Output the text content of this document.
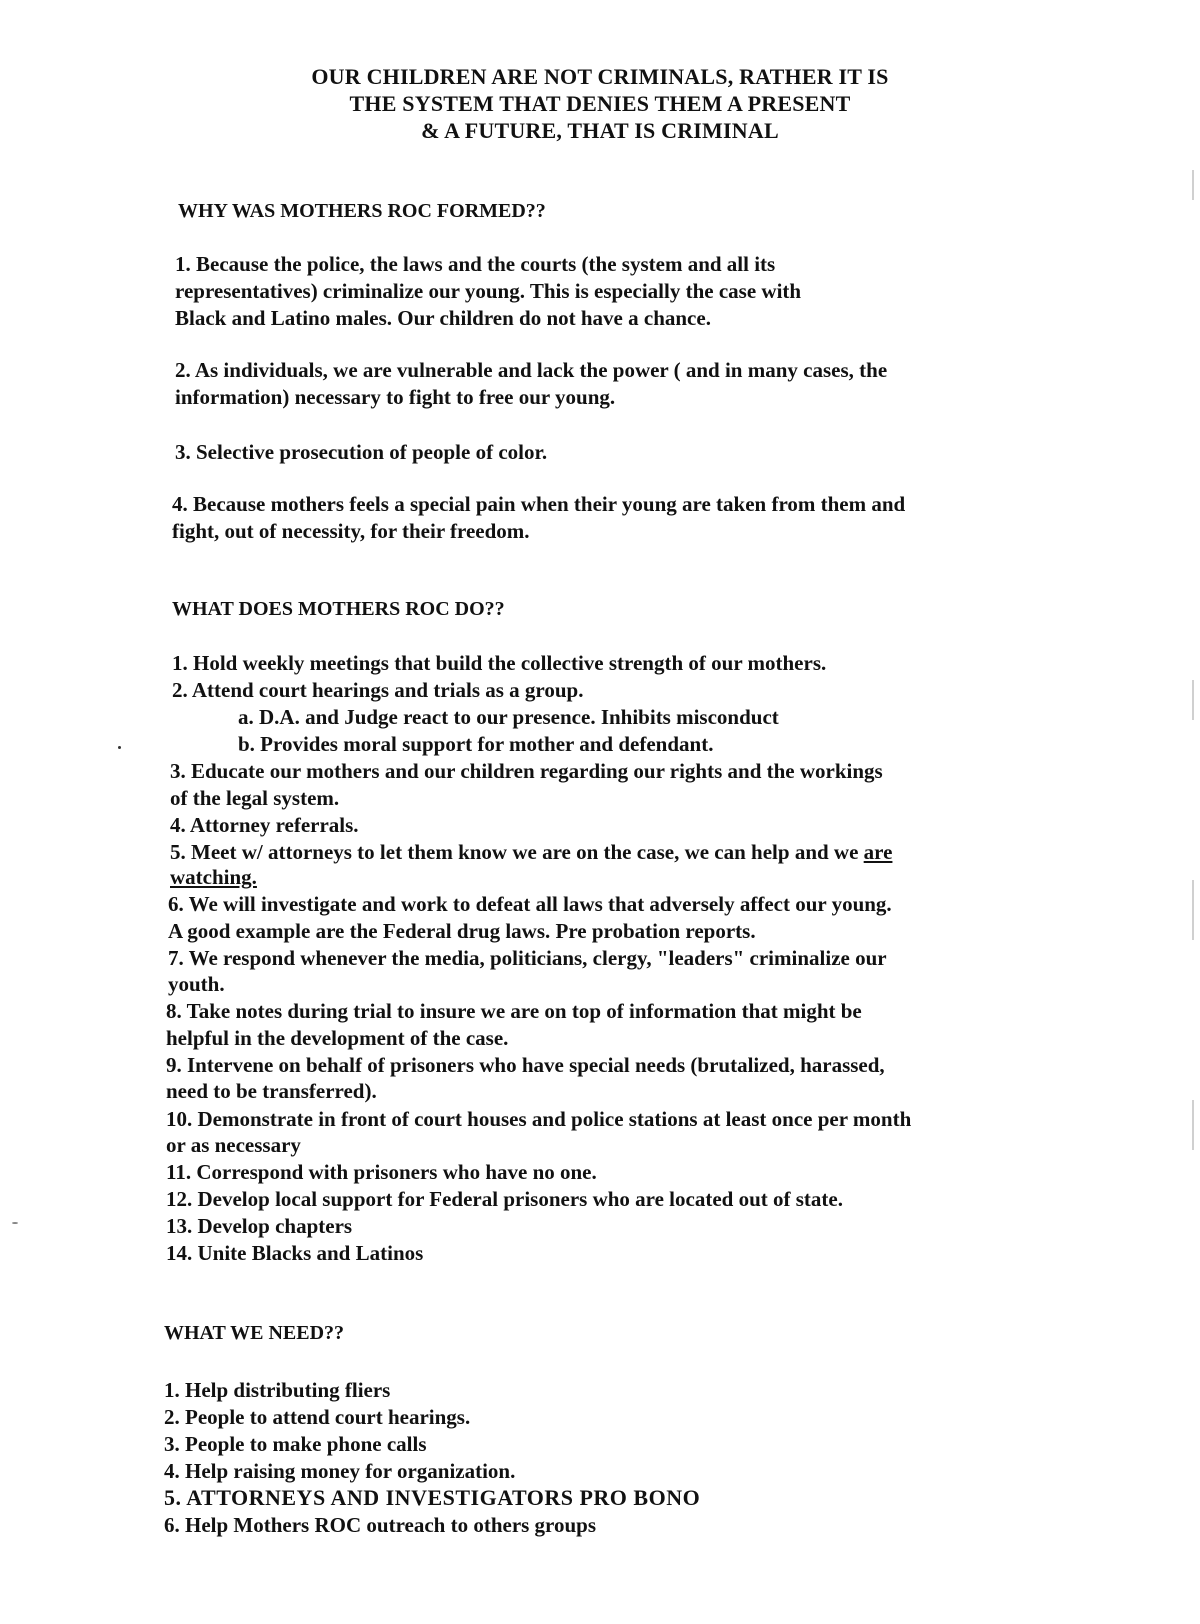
OUR CHILDREN ARE NOT CRIMINALS, RATHER IT IS
THE SYSTEM THAT DENIES THEM A PRESENT
& A FUTURE, THAT IS CRIMINAL
WHY WAS MOTHERS ROC FORMED??
1. Because the police, the laws and the courts (the system and all its
representatives) criminalize our young. This is especially the case with
Black and Latino males. Our children do not have a chance.
2. As individuals, we are vulnerable and lack the power ( and in many cases, the
information) necessary to fight to free our young.
3. Selective prosecution of people of color.
4. Because mothers feels a special pain when their young are taken from them and
fight, out of necessity, for their freedom.
WHAT DOES MOTHERS ROC DO??
1. Hold weekly meetings that build the collective strength of our mothers.
2. Attend court hearings and trials as a group.
a. D.A. and Judge react to our presence. Inhibits misconduct
b. Provides moral support for mother and defendant.
3. Educate our mothers and our children regarding our rights and the workings
of the legal system.
4. Attorney referrals.
5. Meet w/ attorneys to let them know we are on the case, we can help and we are
watching.
6. We will investigate and work to defeat all laws that adversely affect our young.
A good example are the Federal drug laws. Pre probation reports.
7. We respond whenever the media, politicians, clergy, "leaders" criminalize our
youth.
8. Take notes during trial to insure we are on top of information that might be
helpful in the development of the case.
9. Intervene on behalf of prisoners who have special needs (brutalized, harassed,
need to be transferred).
10. Demonstrate in front of court houses and police stations at least once per month
or as necessary
11. Correspond with prisoners who have no one.
12. Develop local support for Federal prisoners who are located out of state.
13. Develop chapters
14. Unite Blacks and Latinos
WHAT WE NEED??
1. Help distributing fliers
2. People to attend court hearings.
3. People to make phone calls
4. Help raising money for organization.
5. ATTORNEYS AND INVESTIGATORS PRO BONO
6. Help Mothers ROC outreach to others groups
